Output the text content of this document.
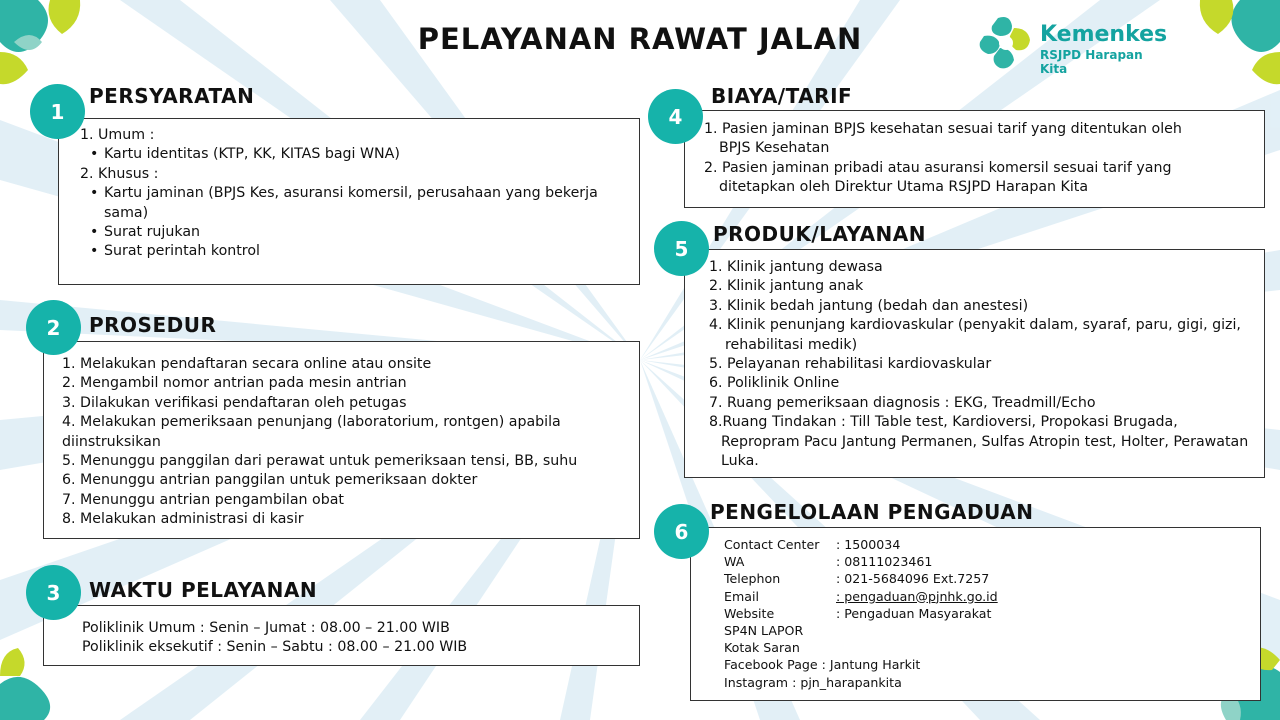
PELAYANAN RAWAT JALAN	Kemenkes
RSJPD Harapan Kita
1
PERSYARATAN
1. Umum :
• Kartu identitas (KTP, KK, KITAS bagi WNA)
2. Khusus :
• Kartu jaminan (BPJS Kes, asuransi komersil, perusahaan yang bekerja
sama)
• Surat rujukan
• Surat perintah kontrol
2	PROSEDUR
1. Melakukan pendaftaran secara online atau onsite
2. Mengambil nomor antrian pada mesin antrian
3. Dilakukan verifikasi pendaftaran oleh petugas
4. Melakukan pemeriksaan penunjang (laboratorium, rontgen) apabila
diinstruksikan
5. Menunggu panggilan dari perawat untuk pemeriksaan tensi, BB, suhu
6. Menunggu antrian panggilan untuk pemeriksaan dokter
7. Menunggu antrian pengambilan obat
8. Melakukan administrasi di kasir
3	WAKTU PELAYANAN
Poliklinik Umum : Senin – Jumat : 08.00 – 21.00 WIB
Poliklinik eksekutif : Senin – Sabtu : 08.00 – 21.00 WIB
4
BIAYA/TARIF
1. Pasien jaminan BPJS kesehatan sesuai tarif yang ditentukan oleh
BPJS Kesehatan
2. Pasien jaminan pribadi atau asuransi komersil sesuai tarif yang
ditetapkan oleh Direktur Utama RSJPD Harapan Kita
5
PRODUK/LAYANAN
1. Klinik jantung dewasa
2. Klinik jantung anak
3. Klinik bedah jantung (bedah dan anestesi)
4. Klinik penunjang kardiovaskular (penyakit dalam, syaraf, paru, gigi, gizi,
rehabilitasi medik)
5. Pelayanan rehabilitasi kardiovaskular
6. Poliklinik Online
7. Ruang pemeriksaan diagnosis : EKG, Treadmill/Echo
8.Ruang Tindakan : Till Table test, Kardioversi, Propokasi Brugada,
Repropram Pacu Jantung Permanen, Sulfas Atropin test, Holter, Perawatan
Luka.
6
PENGELOLAAN PENGADUAN
Contact Center	: 1500034
WA	: 08111023461
Telephon	: 021-5684096 Ext.7257
Email	: pengaduan@pjnhk.go.id
Website	: Pengaduan Masyarakat
SP4N LAPOR
Kotak Saran
Facebook Page : Jantung Harkit
Instagram : pjn_harapankita
